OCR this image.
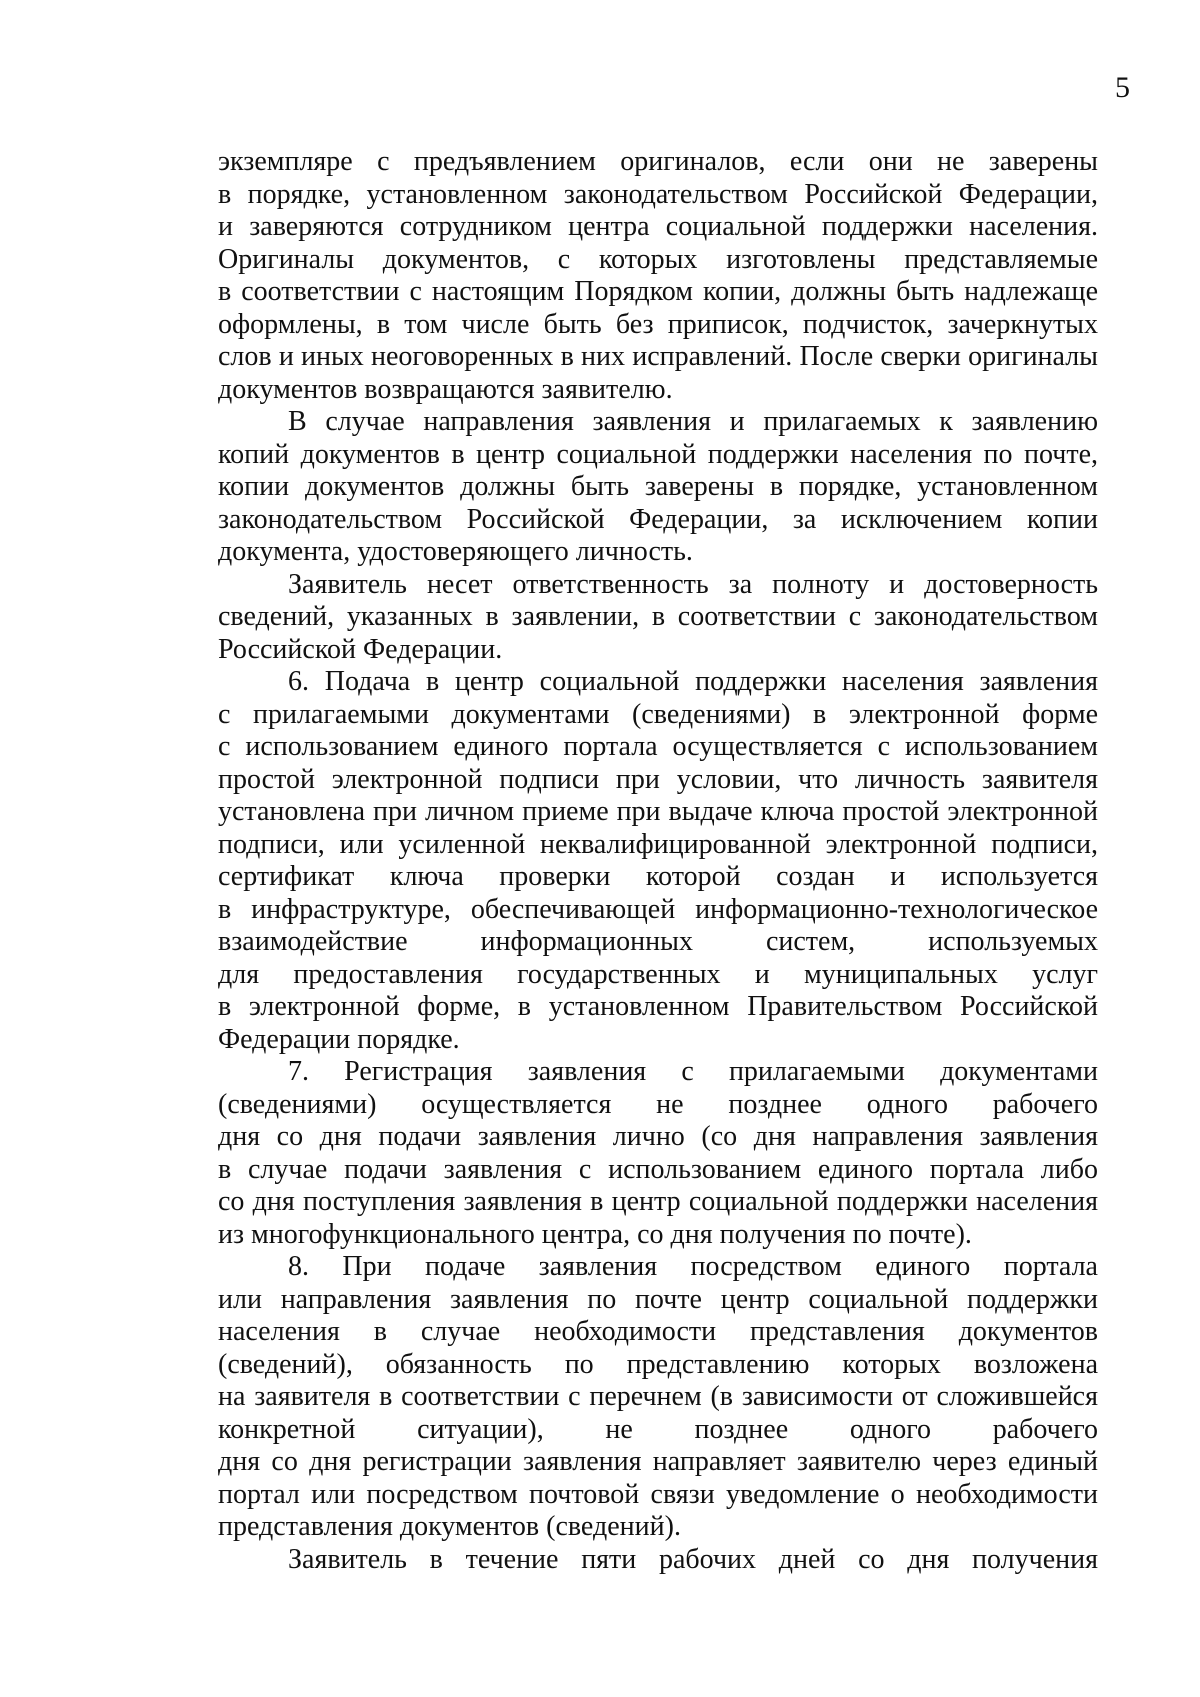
5
экземпляре с предъявлением оригиналов, если они не заверены
в порядке, установленном законодательством Российской Федерации,
и заверяются сотрудником центра социальной поддержки населения.
Оригиналы документов, с которых изготовлены представляемые
в соответствии с настоящим Порядком копии, должны быть надлежаще
оформлены, в том числе быть без приписок, подчисток, зачеркнутых
слов и иных неоговоренных в них исправлений. После сверки оригиналы
документов возвращаются заявителю.
В случае направления заявления и прилагаемых к заявлению
копий документов в центр социальной поддержки населения по почте,
копии документов должны быть заверены в порядке, установленном
законодательством Российской Федерации, за исключением копии
документа, удостоверяющего личность.
Заявитель несет ответственность за полноту и достоверность
сведений, указанных в заявлении, в соответствии с законодательством
Российской Федерации.
6. Подача в центр социальной поддержки населения заявления
с прилагаемыми документами (сведениями) в электронной форме
с использованием единого портала осуществляется с использованием
простой электронной подписи при условии, что личность заявителя
установлена при личном приеме при выдаче ключа простой электронной
подписи, или усиленной неквалифицированной электронной подписи,
сертификат ключа проверки которой создан и используется
в инфраструктуре, обеспечивающей информационно-технологическое
взаимодействие информационных систем, используемых
для предоставления государственных и муниципальных услуг
в электронной форме, в установленном Правительством Российской
Федерации порядке.
7. Регистрация заявления с прилагаемыми документами
(сведениями) осуществляется не позднее одного рабочего
дня со дня подачи заявления лично (со дня направления заявления
в случае подачи заявления с использованием единого портала либо
со дня поступления заявления в центр социальной поддержки населения
из многофункционального центра, со дня получения по почте).
8. При подаче заявления посредством единого портала
или направления заявления по почте центр социальной поддержки
населения в случае необходимости представления документов
(сведений), обязанность по представлению которых возложена
на заявителя в соответствии с перечнем (в зависимости от сложившейся
конкретной ситуации), не позднее одного рабочего
дня со дня регистрации заявления направляет заявителю через единый
портал или посредством почтовой связи уведомление о необходимости
представления документов (сведений).
Заявитель в течение пяти рабочих дней со дня получения
